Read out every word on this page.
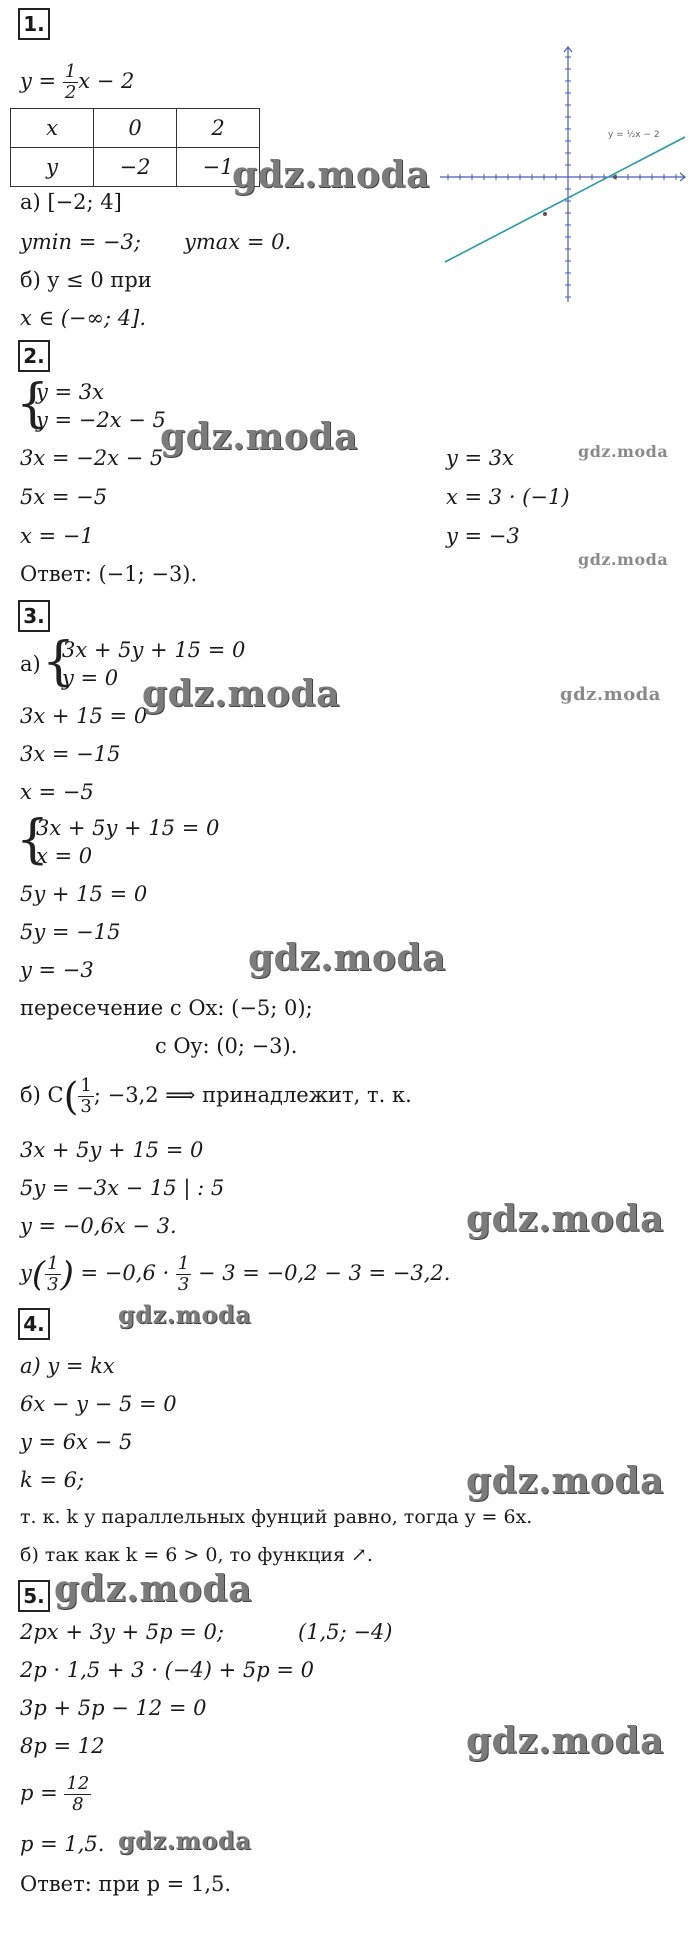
1.
$y = \frac{1}{2}$ x − 2
x	0	2
y	−2	−1
а) [−2; 4]
ymin = −3; ymax = 0.
б) y ≤ 0 при
x ∈ (−∞; 4].
y = ½x − 2
gdz.moda
2.
{
y = 3x
y = −2x − 5
3x = −2x − 5
5x = −5
x = −1
y = 3x
x = 3 · (−1)
y = −3
Ответ: (−1; −3).
gdz.moda	gdz.moda
gdz.moda
3.
а) {
3x + 5y + 15 = 0
y = 0
3x + 15 = 0
3x = −15
x = −5
{
3x + 5y + 15 = 0
x = 0
5y + 15 = 0
5y = −15
y = −3
пересечение с Ox: (−5; 0);
с Oy: (0; −3).
б) $C( \frac{1}{3}$ ; −3,2 ⟹ принадлежит, т. к.
3x + 5y + 15 = 0
5y = −3x − 15 | : 5
y = −0,6x − 3.
$y( \frac{1}{3}$ ) = $-0,6 \cdot \frac{1}{3} - 3 = -0,2 - 3 = -3,2$.
gdz.moda	gdz.moda
gdz.moda
gdz.moda
4.	gdz.moda
а) y = kx
6x − y − 5 = 0
y = 6x − 5
k = 6;
т. к. k у параллельных фунций равно, тогда y = 6x.
б) так как k = 6 > 0, то функция ↗.
gdz.moda
5. gdz.moda
2px + 3y + 5p = 0;	(1,5; −4)
2p · 1,5 + 3 · (−4) + 5p = 0
3p + 5p − 12 = 0
8p = 12
$p = \frac{12}{8}$
p = 1,5.
Ответ: при p = 1,5.
gdz.moda
gdz.moda
